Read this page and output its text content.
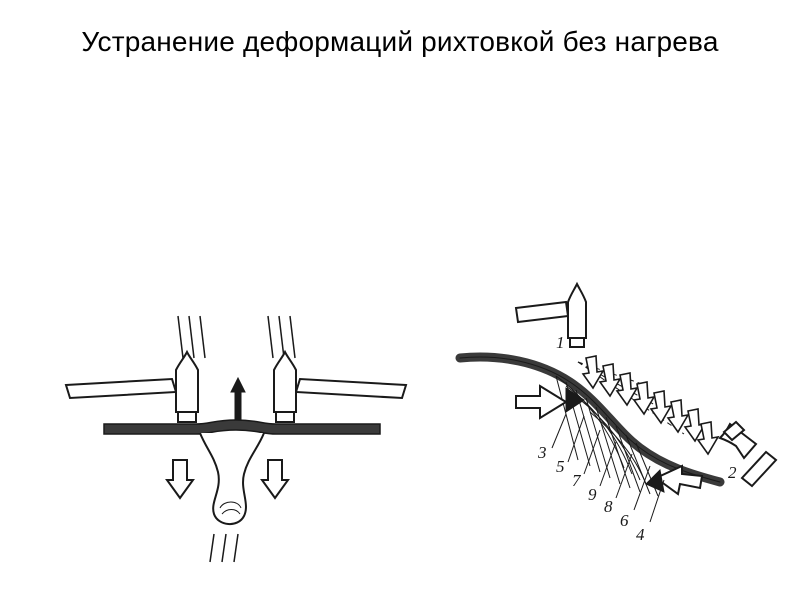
Устранение деформаций рихтовкой без нагрева
1
2
3
5
7
9
8
6
4
